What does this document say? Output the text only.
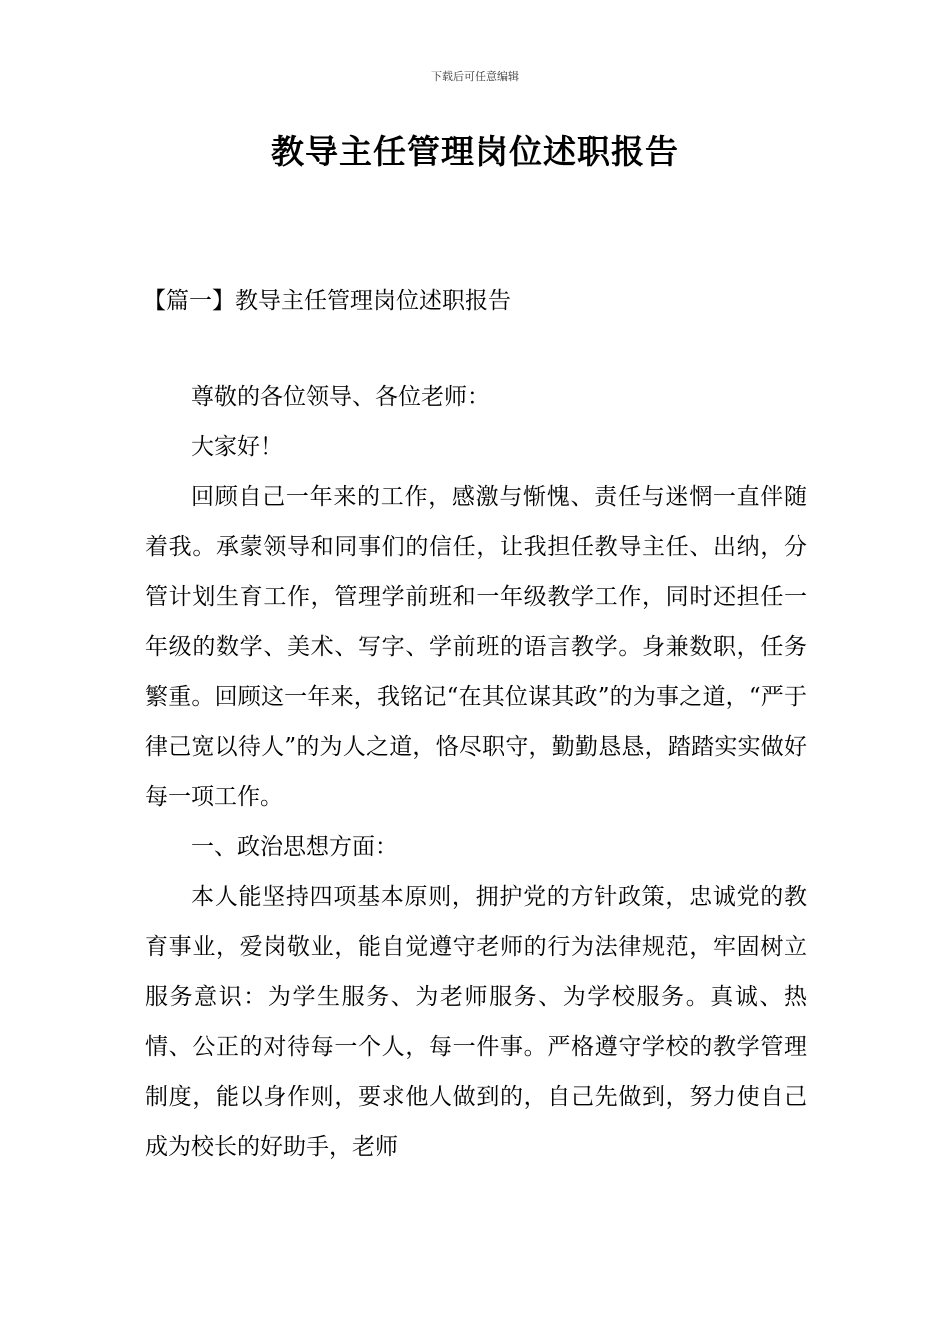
下载后可任意编辑
教导主任管理岗位述职报告
【篇一】教导主任管理岗位述职报告

尊敬的各位领导、各位老师：

大家好！

回顾自己一年来的工作，感激与惭愧、责任与迷惘一直伴随着我。承蒙领导和同事们的信任，让我担任教导主任、出纳，分管计划生育工作，管理学前班和一年级教学工作，同时还担任一年级的数学、美术、写字、学前班的语言教学。身兼数职，任务繁重。回顾这一年来，我铭记“在其位谋其政”的为事之道，“严于律己宽以待人”的为人之道，恪尽职守，勤勤恳恳，踏踏实实做好每一项工作。

一、政治思想方面：

本人能坚持四项基本原则，拥护党的方针政策，忠诚党的教育事业，爱岗敬业，能自觉遵守老师的行为法律规范，牢固树立服务意识：为学生服务、为老师服务、为学校服务。真诚、热情、公正的对待每一个人，每一件事。严格遵守学校的教学管理制度，能以身作则，要求他人做到的，自己先做到，努力使自己成为校长的好助手，老师
